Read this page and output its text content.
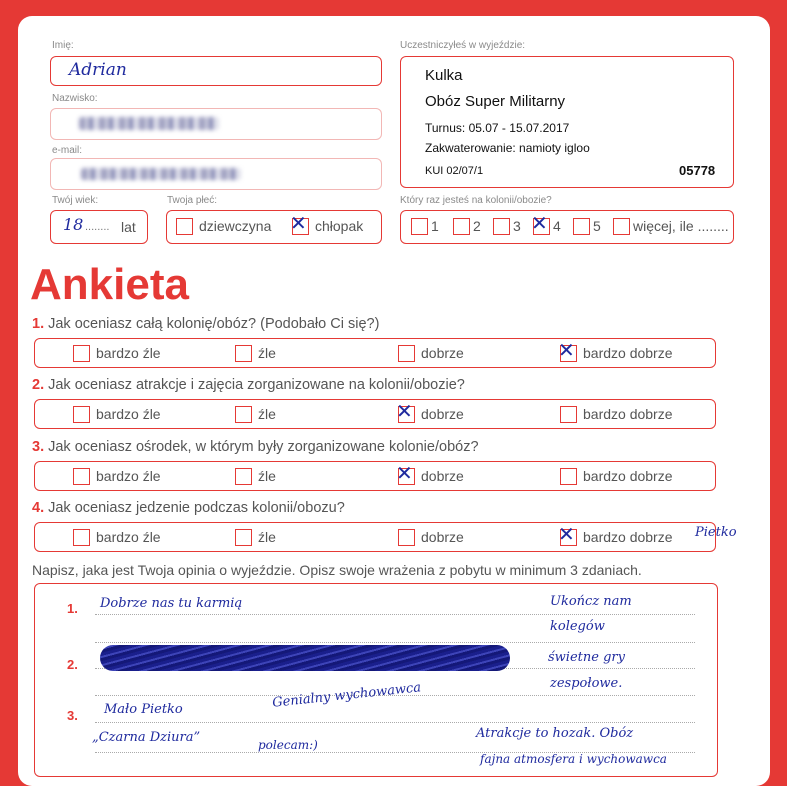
Imię:
Adrian
Nazwisko:
e-mail:
Twój wiek:
18 ........ lat
Twoja płeć:
dziewczyna ✕ chłopak
Uczestniczyłeś w wyjeździe:
Kulka
Obóz Super Militarny
Turnus: 05.07 - 15.07.2017
Zakwaterowanie: namioty igloo
KUI 02/07/1	05778
Który raz jesteś na kolonii/obozie?
1	2	3 ✕ 4	5	więcej, ile ........
Ankieta
1. Jak oceniasz całą kolonię/obóz? (Podobało Ci się?)
bardzo źle	źle	dobrze	✕ bardzo dobrze
2. Jak oceniasz atrakcje i zajęcia zorganizowane na kolonii/obozie?
bardzo źle	źle	✕ dobrze	bardzo dobrze
3. Jak oceniasz ośrodek, w którym były zorganizowane kolonie/obóz?
bardzo źle	źle	✕ dobrze	bardzo dobrze
4. Jak oceniasz jedzenie podczas kolonii/obozu?
bardzo źle	źle	dobrze	✕ bardzo dobrze Pietko
Napisz, jaka jest Twoja opinia o wyjeździe. Opisz swoje wrażenia z pobytu w minimum 3 zdaniach.
1.
2.
3.
Dobrze nas tu karmią	Ukończ nam
kolegów
świetne gry
zespołowe.
Genialny wychowawca
Mało Pietko
„Czarna Dziura”	polecam:)
Atrakcje to hozak. Obóz
fajna atmosfera i wychowawca
